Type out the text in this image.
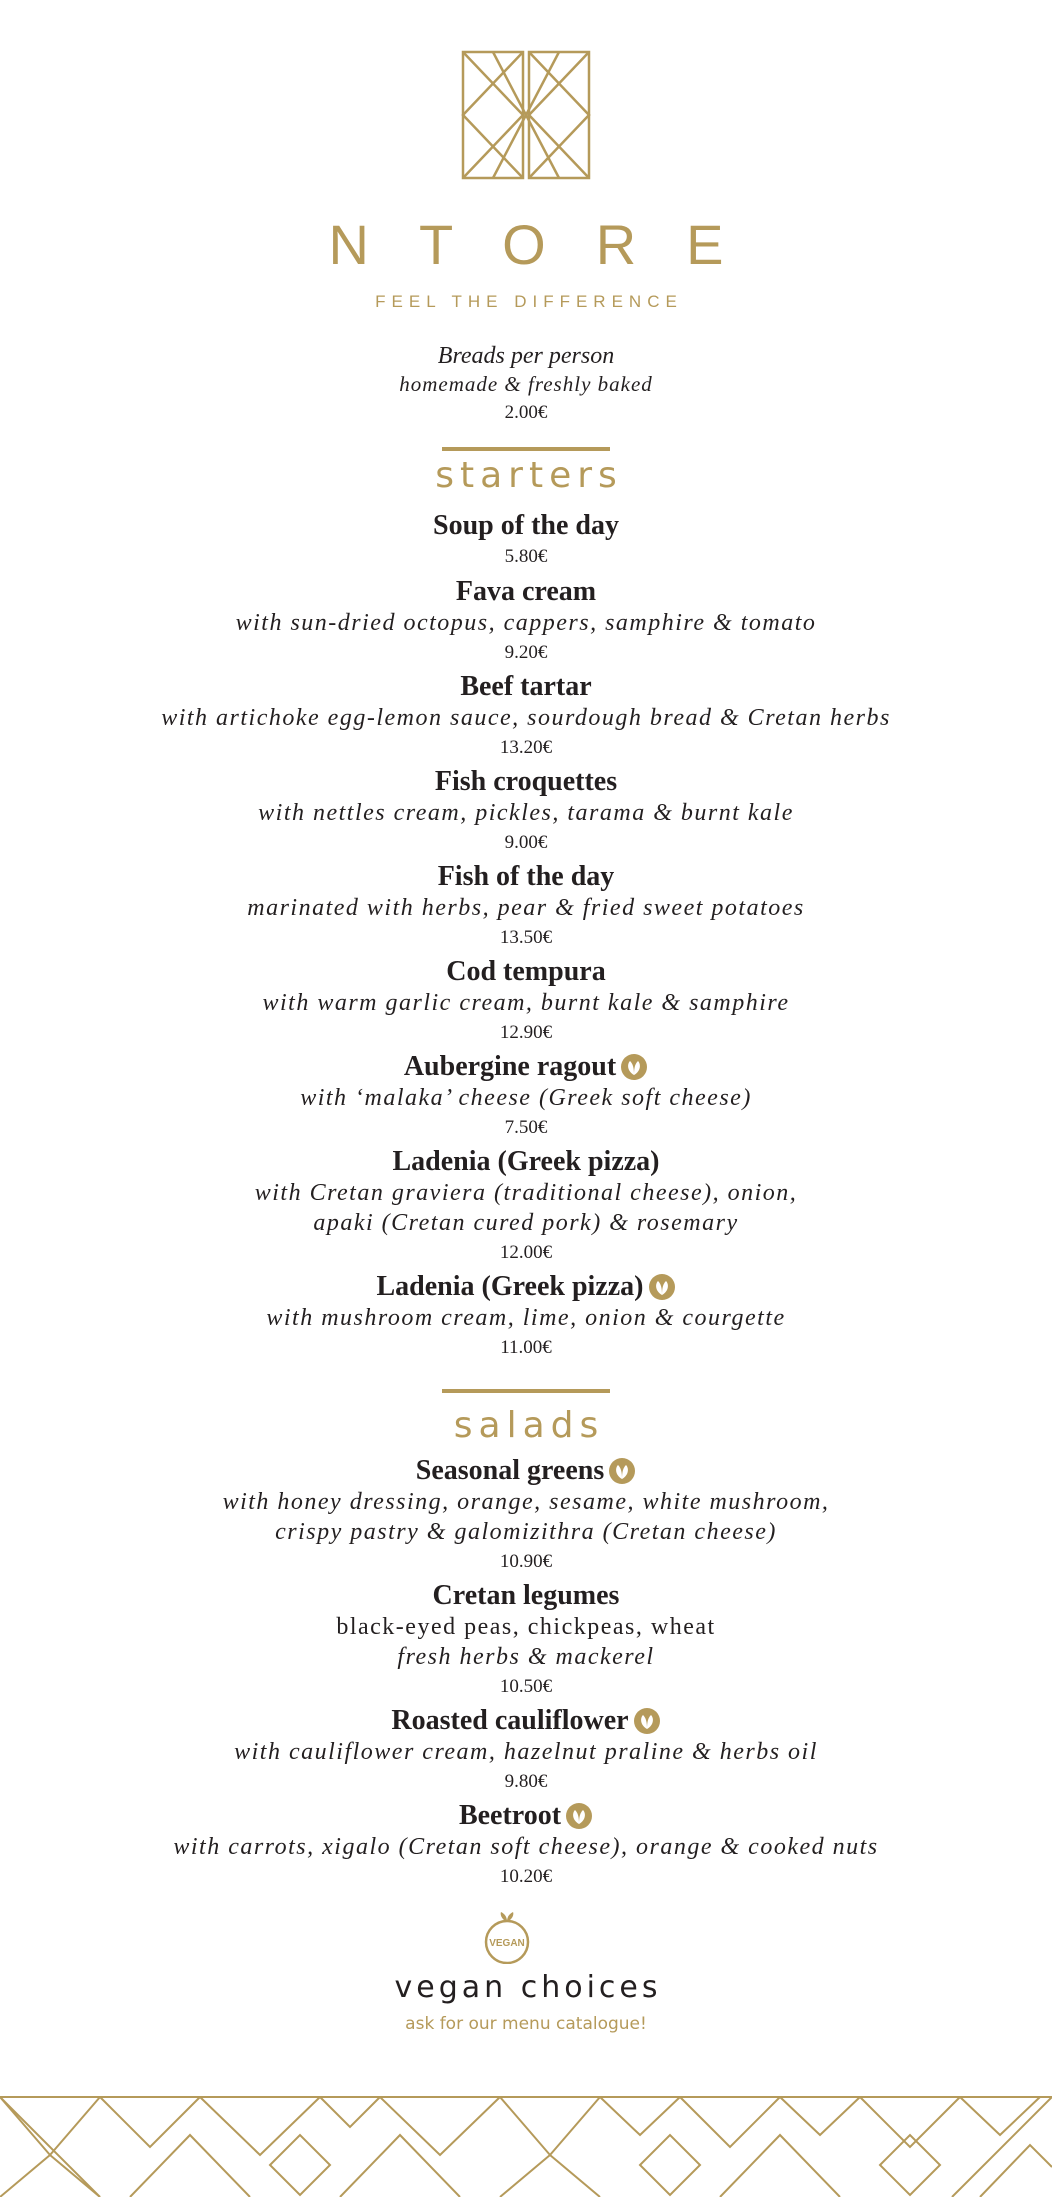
NTORE
FEEL THE DIFFERENCE
Breads per person
homemade & freshly baked
2.00€
starters
Soup of the day
5.80€
Fava cream
with sun-dried octopus, cappers, samphire & tomato
9.20€
Beef tartar
with artichoke egg-lemon sauce, sourdough bread & Cretan herbs
13.20€
Fish croquettes
with nettles cream, pickles, tarama & burnt kale
9.00€
Fish of the day
marinated with herbs, pear & fried sweet potatoes
13.50€
Cod tempura
with warm garlic cream, burnt kale & samphire
12.90€
Aubergine ragout
with ‘malaka’ cheese (Greek soft cheese)
7.50€
Ladenia (Greek pizza)
with Cretan graviera (traditional cheese), onion,
apaki (Cretan cured pork) & rosemary
12.00€
Ladenia (Greek pizza)
with mushroom cream, lime, onion & courgette
11.00€
salads
Seasonal greens
with honey dressing, orange, sesame, white mushroom,
crispy pastry & galomizithra (Cretan cheese)
10.90€
Cretan legumes
black-eyed peas, chickpeas, wheat
fresh herbs & mackerel
10.50€
Roasted cauliflower
with cauliflower cream, hazelnut praline & herbs oil
9.80€
Beetroot
with carrots, xigalo (Cretan soft cheese), orange & cooked nuts
10.20€
VEGAN
vegan choices
ask for our menu catalogue!
